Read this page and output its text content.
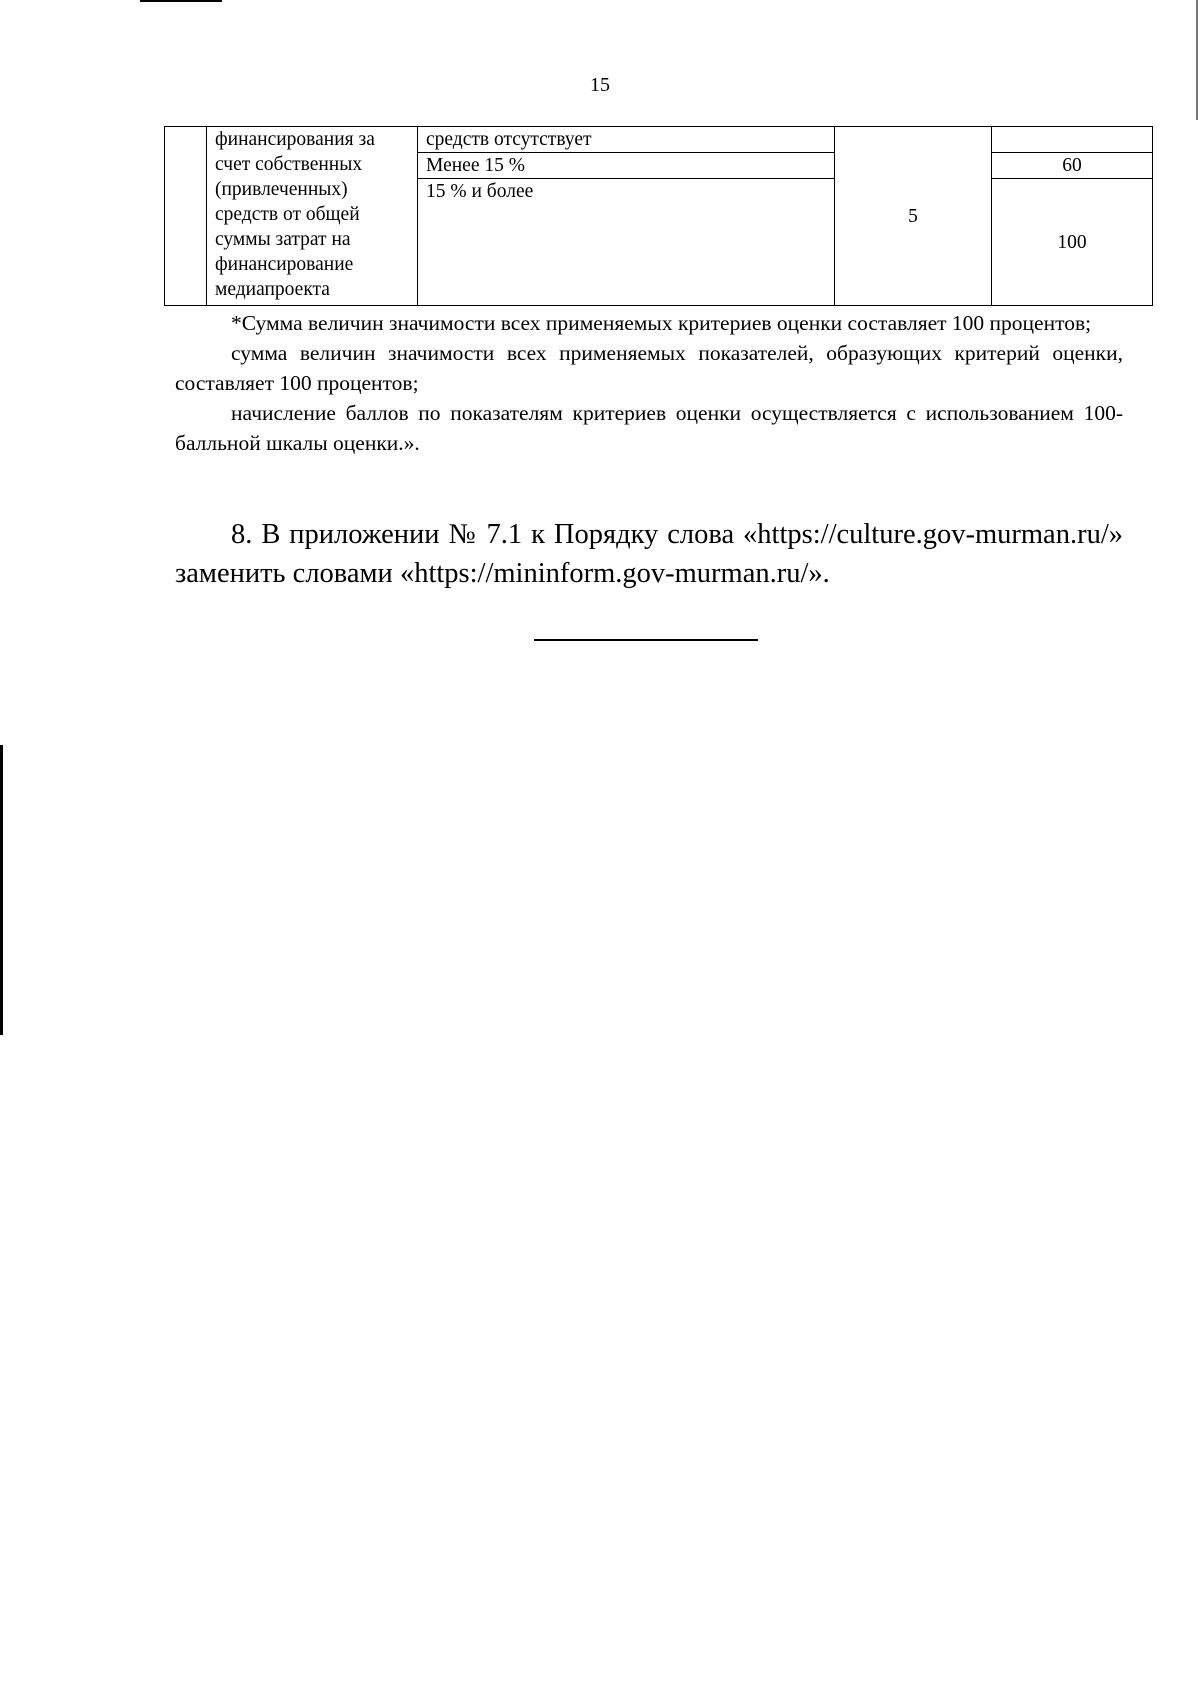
15
	финансирования за счет собственных (привлеченных) средств от общей суммы затрат на финансирование медиапроекта	средств отсутствует	5	
		Менее 15 %		60
		15 % и более		100

*Сумма величин значимости всех применяемых критериев оценки составляет 100 процентов;

сумма величин значимости всех применяемых показателей, образующих критерий оценки, составляет 100 процентов;

начисление баллов по показателям критериев оценки осуществляется с использованием 100-балльной шкалы оценки.».

8. В приложении № 7.1 к Порядку слова «https://culture.gov-murman.ru/» заменить словами «https://mininform.gov-murman.ru/».
